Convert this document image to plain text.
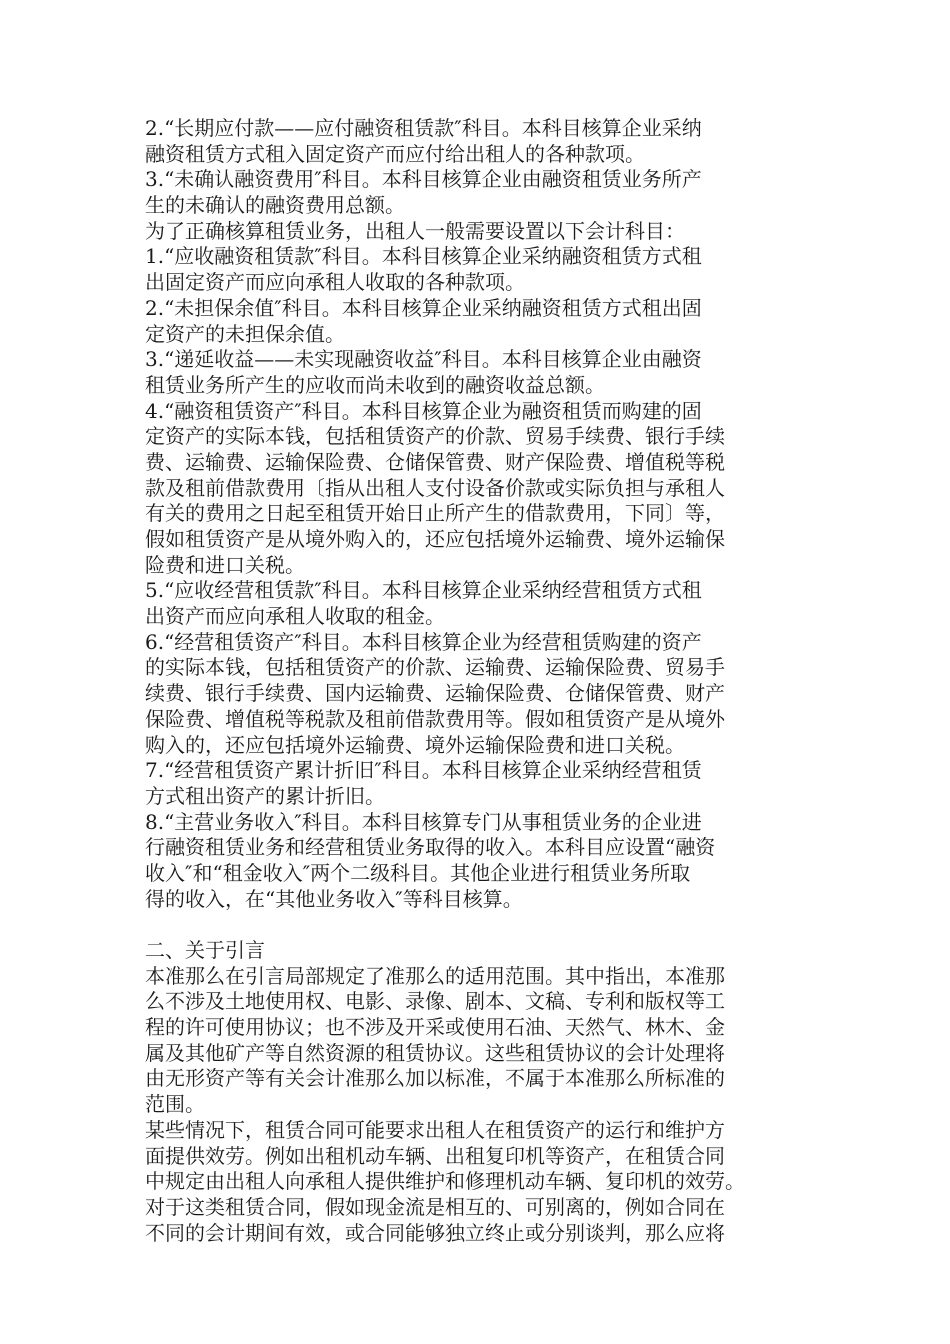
2.“长期应付款——应付融资租赁款″科目。本科目核算企业采纳
融资租赁方式租入固定资产而应付给出租人的各种款项。
3.“未确认融资费用″科目。本科目核算企业由融资租赁业务所产
生的未确认的融资费用总额。
为了正确核算租赁业务，出租人一般需要设置以下会计科目：
1.“应收融资租赁款″科目。本科目核算企业采纳融资租赁方式租
出固定资产而应向承租人收取的各种款项。
2.“未担保余值″科目。本科目核算企业采纳融资租赁方式租出固
定资产的未担保余值。
3.“递延收益——未实现融资收益″科目。本科目核算企业由融资
租赁业务所产生的应收而尚未收到的融资收益总额。
4.“融资租赁资产″科目。本科目核算企业为融资租赁而购建的固
定资产的实际本钱，包括租赁资产的价款、贸易手续费、银行手续
费、运输费、运输保险费、仓储保管费、财产保险费、增值税等税
款及租前借款费用〔指从出租人支付设备价款或实际负担与承租人
有关的费用之日起至租赁开始日止所产生的借款费用，下同〕等，
假如租赁资产是从境外购入的，还应包括境外运输费、境外运输保
险费和进口关税。
5.“应收经营租赁款″科目。本科目核算企业采纳经营租赁方式租
出资产而应向承租人收取的租金。
6.“经营租赁资产″科目。本科目核算企业为经营租赁购建的资产
的实际本钱，包括租赁资产的价款、运输费、运输保险费、贸易手
续费、银行手续费、国内运输费、运输保险费、仓储保管费、财产
保险费、增值税等税款及租前借款费用等。假如租赁资产是从境外
购入的，还应包括境外运输费、境外运输保险费和进口关税。
7.“经营租赁资产累计折旧″科目。本科目核算企业采纳经营租赁
方式租出资产的累计折旧。
8.“主营业务收入″科目。本科目核算专门从事租赁业务的企业进
行融资租赁业务和经营租赁业务取得的收入。本科目应设置“融资
收入″和“租金收入″两个二级科目。其他企业进行租赁业务所取
得的收入，在“其他业务收入″等科目核算。
二、关于引言
本准那么在引言局部规定了准那么的适用范围。其中指出，本准那
么不涉及土地使用权、电影、录像、剧本、文稿、专利和版权等工
程的许可使用协议；也不涉及开采或使用石油、天然气、林木、金
属及其他矿产等自然资源的租赁协议。这些租赁协议的会计处理将
由无形资产等有关会计准那么加以标准，不属于本准那么所标准的
范围。
某些情况下，租赁合同可能要求出租人在租赁资产的运行和维护方
面提供效劳。例如出租机动车辆、出租复印机等资产，在租赁合同
中规定由出租人向承租人提供维护和修理机动车辆、复印机的效劳。
对于这类租赁合同，假如现金流是相互的、可别离的，例如合同在
不同的会计期间有效，或合同能够独立终止或分别谈判，那么应将
